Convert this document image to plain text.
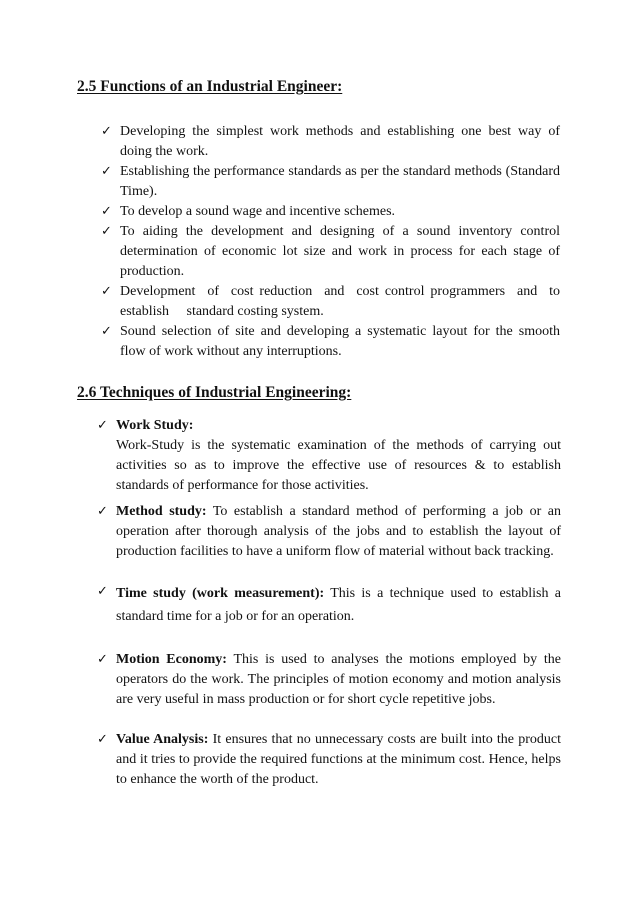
2.5 Functions of an Industrial Engineer:
✓ Developing the simplest work methods and establishing one best way of doing the work.
✓ Establishing the performance standards as per the standard methods (Standard Time).
✓ To develop a sound wage and incentive schemes.
✓ To aiding the development and designing of a sound inventory control determination of economic lot size and work in process for each stage of production.
✓ Development  of  cost reduction  and  cost control programmers  and  to establish     standard costing system.
✓ Sound selection of site and developing a systematic layout for the smooth flow of work without any interruptions.
2.6 Techniques of Industrial Engineering:
✓ Work Study:
Work-Study is the systematic examination of the methods of carrying out activities so as to improve the effective use of resources & to establish standards of performance for those activities.
✓ Method study: To establish a standard method of performing a job or an operation after thorough analysis of the jobs and to establish the layout of production facilities to have a uniform flow of material without back tracking.
✓ Time study (work measurement): This is a technique used to establish a standard time for a job or for an operation.
✓ Motion Economy: This is used to analyses the motions employed by the operators do the work. The principles of motion economy and motion analysis are very useful in mass production or for short cycle repetitive jobs.
✓ Value Analysis: It ensures that no unnecessary costs are built into the product and it tries to provide the required functions at the minimum cost. Hence, helps to enhance the worth of the product.
